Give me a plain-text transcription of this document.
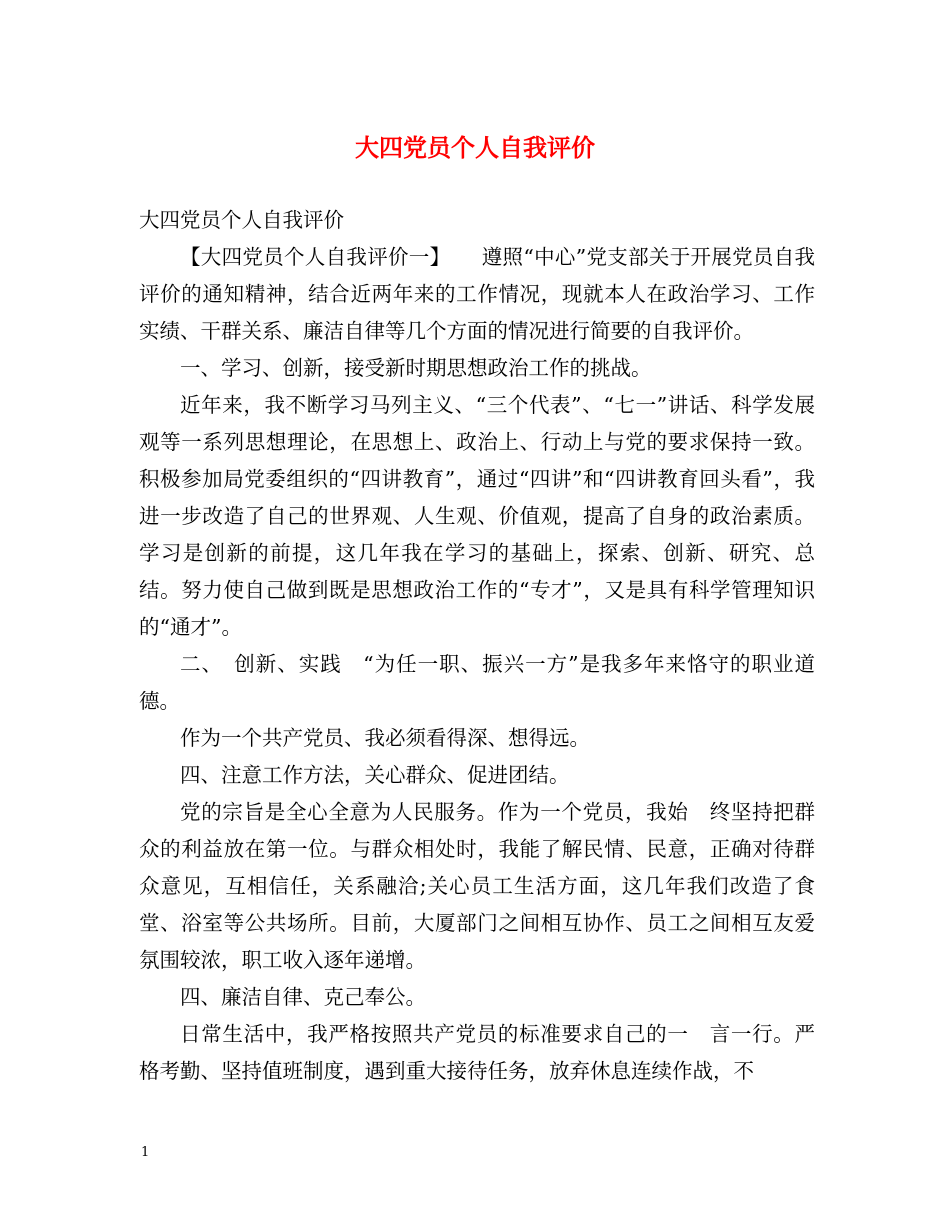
大四党员个人自我评价

大四党员个人自我评价

【大四党员个人自我评价一】　　遵照“中心”党支部关于开展党员自我评价的通知精神，结合近两年来的工作情况，现就本人在政治学习、工作实绩、干群关系、廉洁自律等几个方面的情况进行简要的自我评价。

一、学习、创新，接受新时期思想政治工作的挑战。

近年来，我不断学习马列主义、“三个代表”、“七一”讲话、科学发展观等一系列思想理论，在思想上、政治上、行动上与党的要求保持一致。积极参加局党委组织的“四讲教育”，通过“四讲”和“四讲教育回头看”，我进一步改造了自己的世界观、人生观、价值观，提高了自身的政治素质。学习是创新的前提，这几年我在学习的基础上，探索、创新、研究、总结。努力使自己做到既是思想政治工作的“专才”，又是具有科学管理知识的“通才”。

二、　创新、实践　“为任一职、振兴一方”是我多年来恪守的职业道德。

作为一个共产党员、我必须看得深、想得远。

四、注意工作方法，关心群众、促进团结。

党的宗旨是全心全意为人民服务。作为一个党员，我始　终坚持把群众的利益放在第一位。与群众相处时，我能了解民情、民意，正确对待群众意见，互相信任，关系融洽;关心员工生活方面，这几年我们改造了食堂、浴室等公共场所。目前，大厦部门之间相互协作、员工之间相互友爱氛围较浓，职工收入逐年递增。

四、廉洁自律、克己奉公。

日常生活中，我严格按照共产党员的标准要求自己的一　言一行。严格考勤、坚持值班制度，遇到重大接待任务，放弃休息连续作战，不

1
